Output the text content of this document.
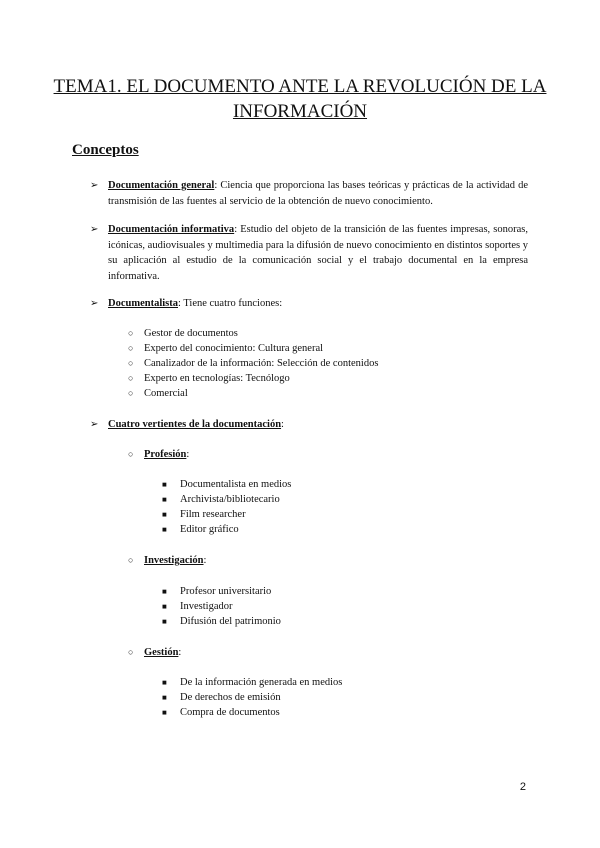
TEMA1. EL DOCUMENTO ANTE LA REVOLUCIÓN DE LA INFORMACIÓN
Conceptos
➢ Documentación general: Ciencia que proporciona las bases teóricas y prácticas de la actividad de transmisión de las fuentes al servicio de la obtención de nuevo conocimiento.
➢ Documentación informativa: Estudio del objeto de la transición de las fuentes impresas, sonoras, icónicas, audiovisuales y multimedia para la difusión de nuevo conocimiento en distintos soportes y su aplicación al estudio de la comunicación social y el trabajo documental en la empresa informativa.
➢ Documentalista: Tiene cuatro funciones:
○ Gestor de documentos
○ Experto del conocimiento: Cultura general
○ Canalizador de la información: Selección de contenidos
○ Experto en tecnologías: Tecnólogo
○ Comercial
➢ Cuatro vertientes de la documentación:
○ Profesión:
■ Documentalista en medios
■ Archivista/bibliotecario
■ Film researcher
■ Editor gráfico
○ Investigación:
■ Profesor universitario
■ Investigador
■ Difusión del patrimonio
○ Gestión:
■ De la información generada en medios
■ De derechos de emisión
■ Compra de documentos
2
